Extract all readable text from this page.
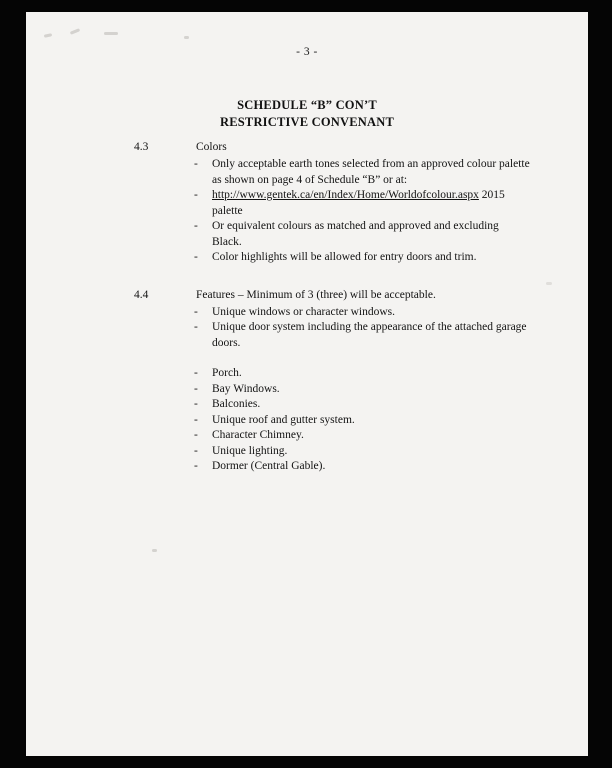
- 3 -
SCHEDULE “B” CON’T
RESTRICTIVE CONVENANT
4.3	Colors
-	Only acceptable earth tones selected from an approved colour palette as shown on page 4 of Schedule “B” or at:
-	http://www.gentek.ca/en/Index/Home/Worldofcolour.aspx 2015 palette
-	Or equivalent colours as matched and approved and excluding Black.
-	Color highlights will be allowed for entry doors and trim.
4.4	Features – Minimum of 3 (three) will be acceptable.
-	Unique windows or character windows.
-	Unique door system including the appearance of the attached garage doors.
-	Porch.
-	Bay Windows.
-	Balconies.
-	Unique roof and gutter system.
-	Character Chimney.
-	Unique lighting.
-	Dormer (Central Gable).
